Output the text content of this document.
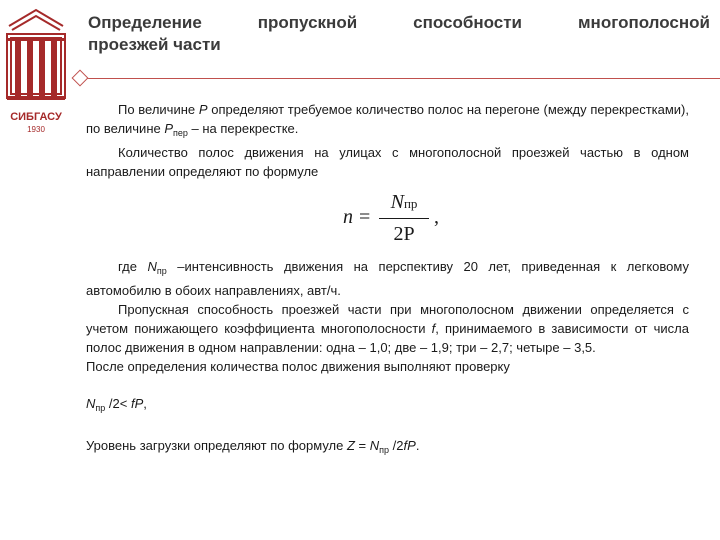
СИБГАСУ
1930
Определение	пропускной	способности	многополосной
проезжей части

По величине P определяют требуемое количество полос на перегоне (между перекрестками), по величине $P_{пер}$ – на перекрестке.

Количество полос движения на улицах с многополосной проезжей частью в одном направлении определяют по формуле

n =
Nпр
2P
,

где $N_{пр}$ –интенсивность движения на перспективу 20 лет, приведенная к легковому автомобилю в обоих направлениях, авт/ч.

Пропускная способность проезжей части при многополосном движении определяется с учетом понижающего коэффициента многополосности f, принимаемого в зависимости от числа полос движения в одном направлении: одна – 1,0; две – 1,9; три – 2,7; четыре – 3,5.

После определения количества полос движения выполняют проверку

$N_{пр}$ /2< fP,

Уровень загрузки определяют по формуле $Z = N_{пр}$ /2fP.
